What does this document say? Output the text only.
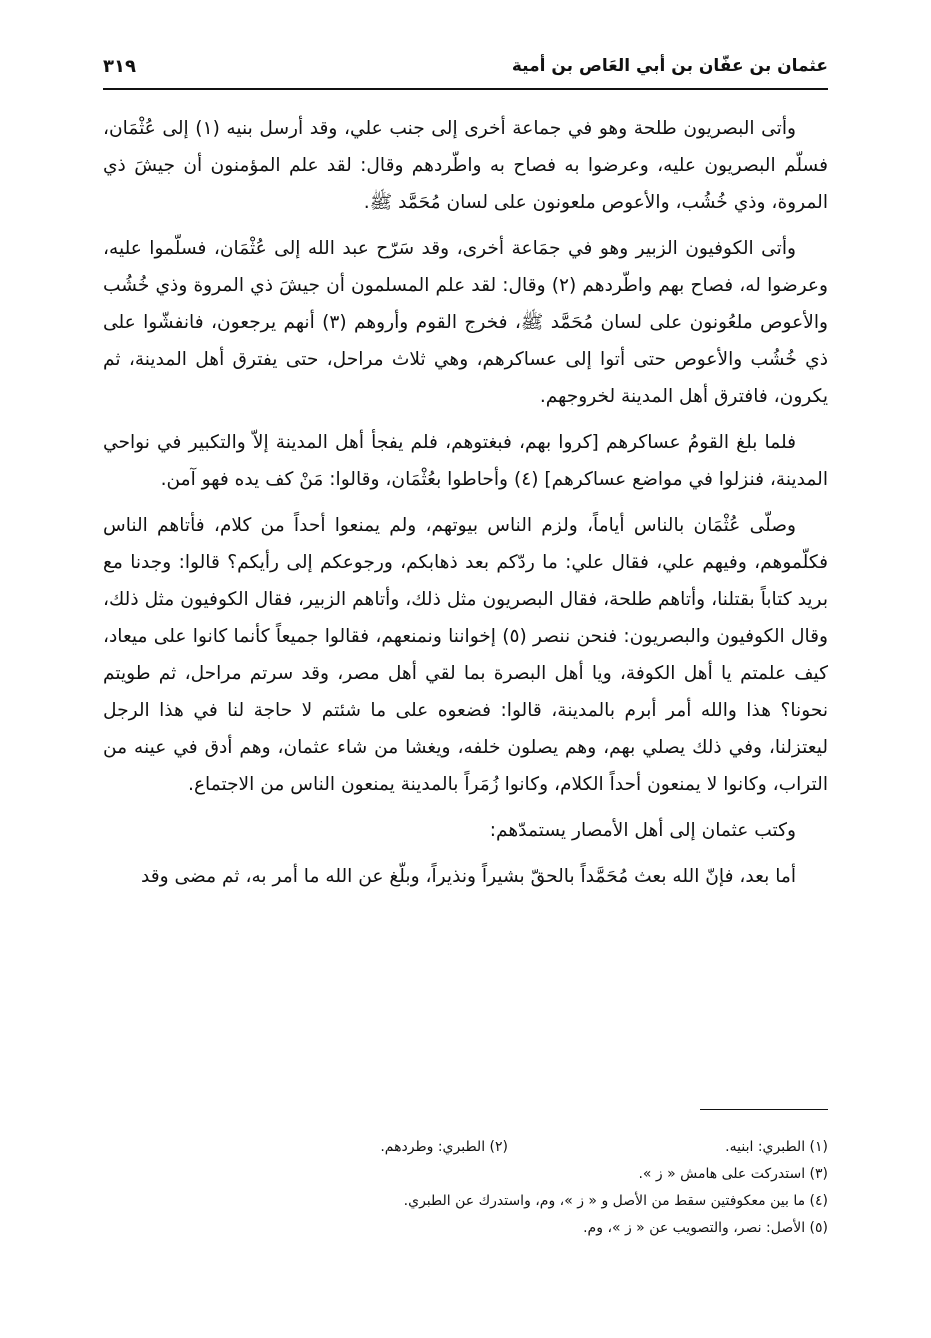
عثمان بن عفّان بن أبي العَاص بن أمية
٣١٩

وأتى البصريون طلحة وهو في جماعة أخرى إلى جنب علي، وقد أرسل بنيه (١) إلى عُثْمَان، فسلّم البصريون عليه، وعرضوا به فصاح به واطّردهم وقال: لقد علم المؤمنون أن جيشَ ذي المروة، وذي خُشُب، والأعوص ملعونون على لسان مُحَمَّد ﷺ.

وأتى الكوفيون الزبير وهو في جمَاعة أخرى، وقد سَرّح عبد الله إلى عُثْمَان، فسلّموا عليه، وعرضوا له، فصاح بهم واطّردهم (٢) وقال: لقد علم المسلمون أن جيشَ ذي المروة وذي خُشُب والأعوص ملعُونون على لسان مُحَمَّد ﷺ، فخرج القوم وأروهم (٣) أنهم يرجعون، فانفشّوا على ذي خُشُب والأعوص حتى أتوا إلى عساكرهم، وهي ثلاث مراحل، حتى يفترق أهل المدينة، ثم يكرون، فافترق أهل المدينة لخروجهم.

فلما بلغ القومُ عساكرهم [كروا بهم، فبغتوهم، فلم يفجأ أهل المدينة إلاّ والتكبير في نواحي المدينة، فنزلوا في مواضع عساكرهم] (٤) وأحاطوا بعُثْمَان، وقالوا: مَنْ كف يده فهو آمن.

وصلّى عُثْمَان بالناس أياماً، ولزم الناس بيوتهم، ولم يمنعوا أحداً من كلام، فأتاهم الناس فكلّموهم، وفيهم علي، فقال علي: ما ردّكم بعد ذهابكم، ورجوعكم إلى رأيكم؟ قالوا: وجدنا مع بريد كتاباً بقتلنا، وأتاهم طلحة، فقال البصريون مثل ذلك، وأتاهم الزبير، فقال الكوفيون مثل ذلك، وقال الكوفيون والبصريون: فنحن ننصر (٥) إخواننا ونمنعهم، فقالوا جميعاً كأنما كانوا على ميعاد، كيف علمتم يا أهل الكوفة، ويا أهل البصرة بما لقي أهل مصر، وقد سرتم مراحل، ثم طويتم نحونا؟ هذا والله أمر أبرم بالمدينة، قالوا: فضعوه على ما شئتم لا حاجة لنا في هذا الرجل ليعتزلنا، وفي ذلك يصلي بهم، وهم يصلون خلفه، ويغشا من شاء عثمان، وهم أدق في عينه من التراب، وكانوا لا يمنعون أحداً الكلام، وكانوا زُمَراً بالمدينة يمنعون الناس من الاجتماع.

وكتب عثمان إلى أهل الأمصار يستمدّهم:

أما بعد، فإنّ الله بعث مُحَمَّداً بالحقّ بشيراً ونذيراً، وبلّغ عن الله ما أمر به، ثم مضى وقد

(١) الطبري: ابنيه.
(٢) الطبري: وطردهم.
(٣) استدركت على هامش « ز ».
(٤) ما بين معكوفتين سقط من الأصل و « ز »، وم، واستدرك عن الطبري.
(٥) الأصل: نصر، والتصويب عن « ز »، وم.
